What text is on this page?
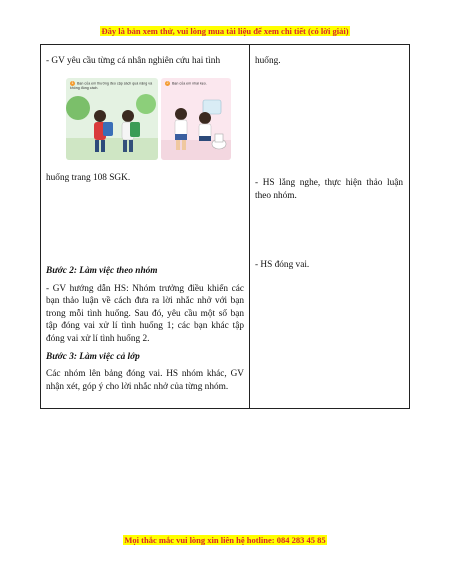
Đây là bản xem thử, vui lòng mua tài liệu để xem chi tiết (có lời giải)

- GV yêu cầu từng cá nhân nghiên cứu hai tình

1 Bạn của em thường đeo cặp sách quá nặng và không đúng cách.
2 Bạn của em nhai kẹo.

huống trang 108 SGK.

Bước 2: Làm việc theo nhóm

- GV hướng dẫn HS: Nhóm trưởng điều khiển các bạn thảo luận về cách đưa ra lời nhắc nhở với bạn trong mỗi tình huống. Sau đó, yêu cầu một số bạn tập đóng vai xử lí tình huống 1; các bạn khác tập đóng vai xử lí tình huống 2.

Bước 3: Làm việc cả lớp

Các nhóm lên bảng đóng vai. HS nhóm khác, GV nhận xét, góp ý cho lời nhắc nhở của từng nhóm.

huống.

- HS lắng nghe, thực hiện thảo luận theo nhóm.

- HS đóng vai.

Mọi thắc mắc vui lòng xin liên hệ hotline: 084 283 45 85
